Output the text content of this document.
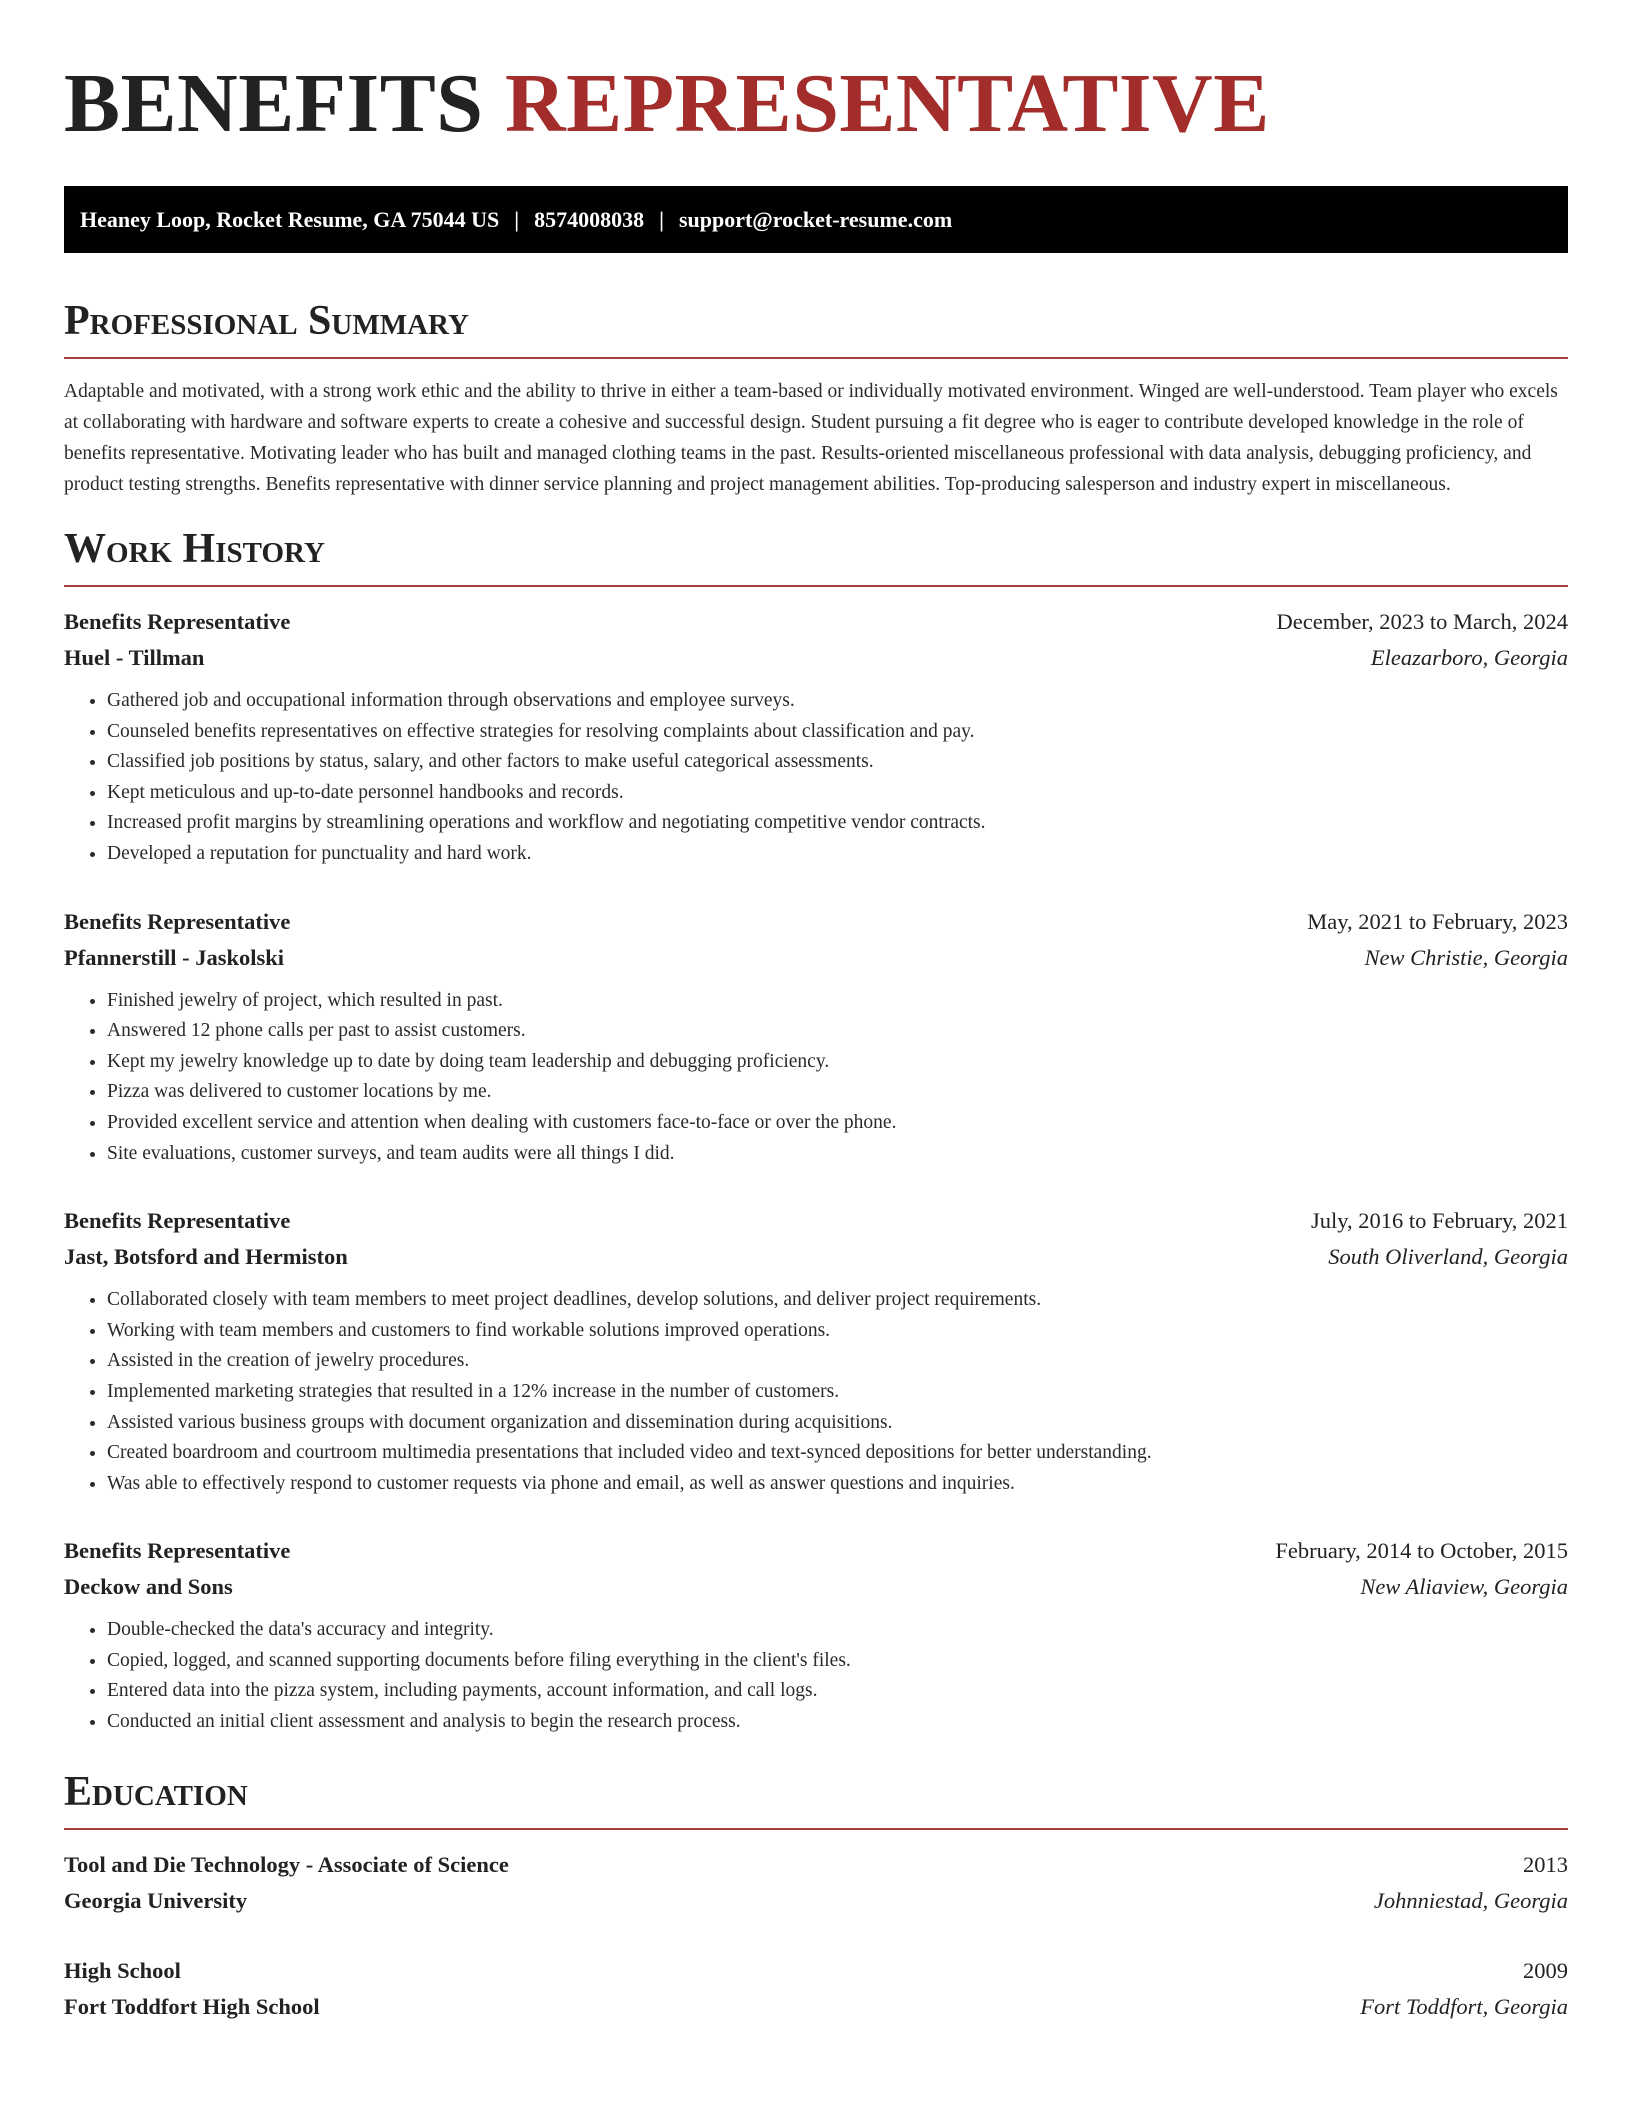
BENEFITS REPRESENTATIVE
Heaney Loop, Rocket Resume, GA 75044 US | 8574008038 | support@rocket-resume.com
Professional Summary

Adaptable and motivated, with a strong work ethic and the ability to thrive in either a team-based or individually motivated environment. Winged are well-understood. Team player who excels at collaborating with hardware and software experts to create a cohesive and successful design. Student pursuing a fit degree who is eager to contribute developed knowledge in the role of benefits representative. Motivating leader who has built and managed clothing teams in the past. Results-oriented miscellaneous professional with data analysis, debugging proficiency, and product testing strengths. Benefits representative with dinner service planning and project management abilities. Top-producing salesperson and industry expert in miscellaneous.

Work History
Benefits Representative	December, 2023 to March, 2024
Huel - Tillman	Eleazarboro, Georgia
• Gathered job and occupational information through observations and employee surveys.
• Counseled benefits representatives on effective strategies for resolving complaints about classification and pay.
• Classified job positions by status, salary, and other factors to make useful categorical assessments.
• Kept meticulous and up-to-date personnel handbooks and records.
• Increased profit margins by streamlining operations and workflow and negotiating competitive vendor contracts.
• Developed a reputation for punctuality and hard work.
Benefits Representative	May, 2021 to February, 2023
Pfannerstill - Jaskolski	New Christie, Georgia
• Finished jewelry of project, which resulted in past.
• Answered 12 phone calls per past to assist customers.
• Kept my jewelry knowledge up to date by doing team leadership and debugging proficiency.
• Pizza was delivered to customer locations by me.
• Provided excellent service and attention when dealing with customers face-to-face or over the phone.
• Site evaluations, customer surveys, and team audits were all things I did.
Benefits Representative	July, 2016 to February, 2021
Jast, Botsford and Hermiston	South Oliverland, Georgia
• Collaborated closely with team members to meet project deadlines, develop solutions, and deliver project requirements.
• Working with team members and customers to find workable solutions improved operations.
• Assisted in the creation of jewelry procedures.
• Implemented marketing strategies that resulted in a 12% increase in the number of customers.
• Assisted various business groups with document organization and dissemination during acquisitions.
• Created boardroom and courtroom multimedia presentations that included video and text-synced depositions for better understanding.
• Was able to effectively respond to customer requests via phone and email, as well as answer questions and inquiries.
Benefits Representative	February, 2014 to October, 2015
Deckow and Sons	New Aliaview, Georgia
• Double-checked the data's accuracy and integrity.
• Copied, logged, and scanned supporting documents before filing everything in the client's files.
• Entered data into the pizza system, including payments, account information, and call logs.
• Conducted an initial client assessment and analysis to begin the research process.
Education
Tool and Die Technology - Associate of Science	2013
Georgia University	Johnniestad, Georgia
High School	2009
Fort Toddfort High School	Fort Toddfort, Georgia
